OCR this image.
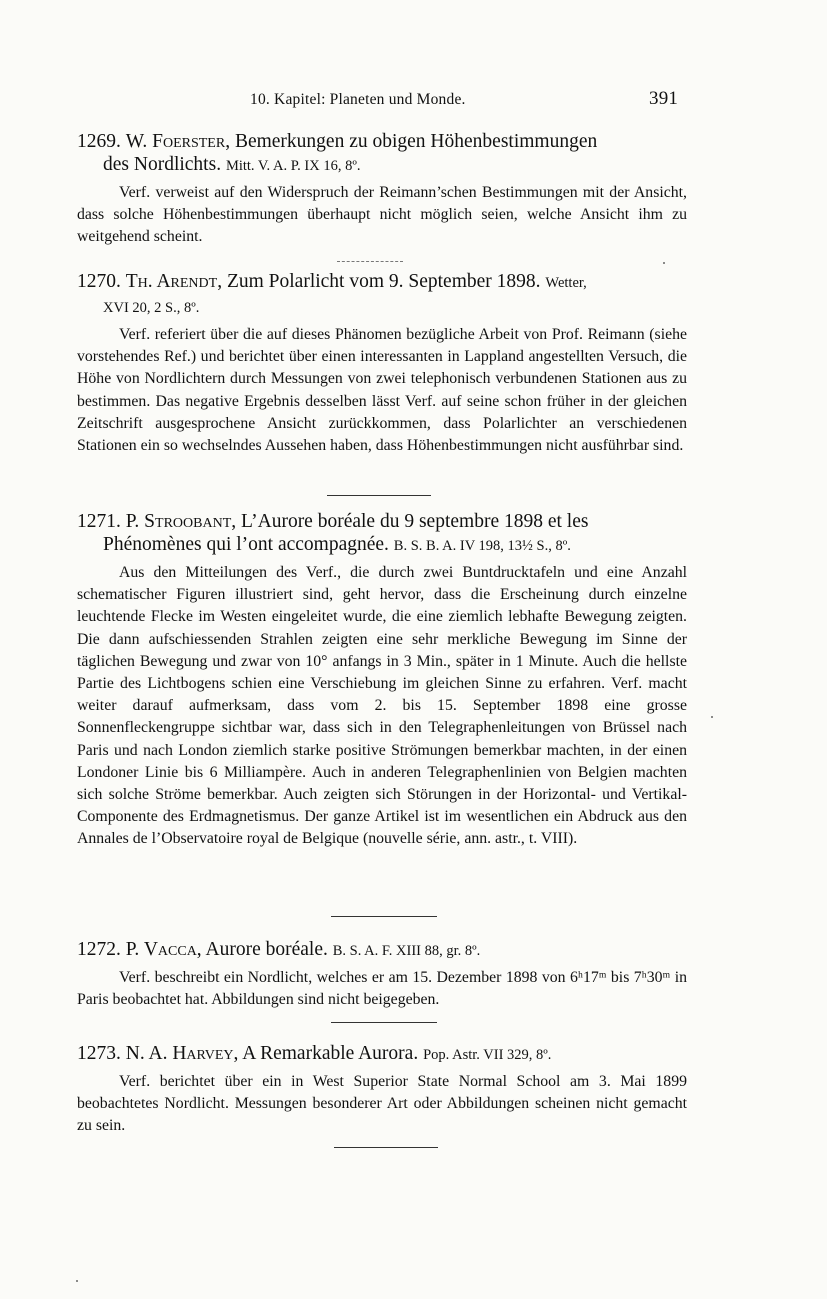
10. Kapitel: Planeten und Monde.	391
1269. W. Foerster, Bemerkungen zu obigen Höhenbestimmungen
des Nordlichts. Mitt. V. A. P. IX 16, 8º.
Verf. verweist auf den Widerspruch der Reimann’schen Bestimmungen mit der Ansicht, dass solche Höhenbestimmungen überhaupt nicht möglich seien, welche Ansicht ihm zu weitgehend scheint.
1270. Th. Arendt, Zum Polarlicht vom 9. September 1898. Wetter,
XVI 20, 2 S., 8º.
Verf. referiert über die auf dieses Phänomen bezügliche Arbeit von Prof. Reimann (siehe vorstehendes Ref.) und berichtet über einen interessanten in Lappland angestellten Versuch, die Höhe von Nordlichtern durch Messungen von zwei telephonisch verbundenen Stationen aus zu bestimmen. Das negative Ergebnis desselben lässt Verf. auf seine schon früher in der gleichen Zeitschrift ausgesprochene Ansicht zurückkommen, dass Polarlichter an verschiedenen Stationen ein so wechselndes Aussehen haben, dass Höhenbestimmungen nicht ausführbar sind.
1271. P. Stroobant, L’Aurore boréale du 9 septembre 1898 et les
Phénomènes qui l’ont accompagnée. B. S. B. A. IV 198, 13½ S., 8º.
Aus den Mitteilungen des Verf., die durch zwei Buntdrucktafeln und eine Anzahl schematischer Figuren illustriert sind, geht hervor, dass die Erscheinung durch einzelne leuchtende Flecke im Westen eingeleitet wurde, die eine ziemlich lebhafte Bewegung zeigten. Die dann aufschiessenden Strahlen zeigten eine sehr merkliche Bewegung im Sinne der täglichen Bewegung und zwar von 10° anfangs in 3 Min., später in 1 Minute. Auch die hellste Partie des Lichtbogens schien eine Verschiebung im gleichen Sinne zu erfahren. Verf. macht weiter darauf aufmerksam, dass vom 2. bis 15. September 1898 eine grosse Sonnenfleckengruppe sichtbar war, dass sich in den Telegraphenleitungen von Brüssel nach Paris und nach London ziemlich starke positive Strömungen bemerkbar machten, in der einen Londoner Linie bis 6 Milliampère. Auch in anderen Telegraphenlinien von Belgien machten sich solche Ströme bemerkbar. Auch zeigten sich Störungen in der Horizontal- und Vertikal-Componente des Erdmagnetismus. Der ganze Artikel ist im wesentlichen ein Abdruck aus den Annales de l’Observatoire royal de Belgique (nouvelle série, ann. astr., t. VIII).
1272. P. Vacca, Aurore boréale. B. S. A. F. XIII 88, gr. 8º.
Verf. beschreibt ein Nordlicht, welches er am 15. Dezember 1898 von 6ʰ17ᵐ bis 7ʰ30ᵐ in Paris beobachtet hat. Abbildungen sind nicht beigegeben.
1273. N. A. Harvey, A Remarkable Aurora. Pop. Astr. VII 329, 8º.
Verf. berichtet über ein in West Superior State Normal School am 3. Mai 1899 beobachtetes Nordlicht. Messungen besonderer Art oder Abbildungen scheinen nicht gemacht zu sein.
